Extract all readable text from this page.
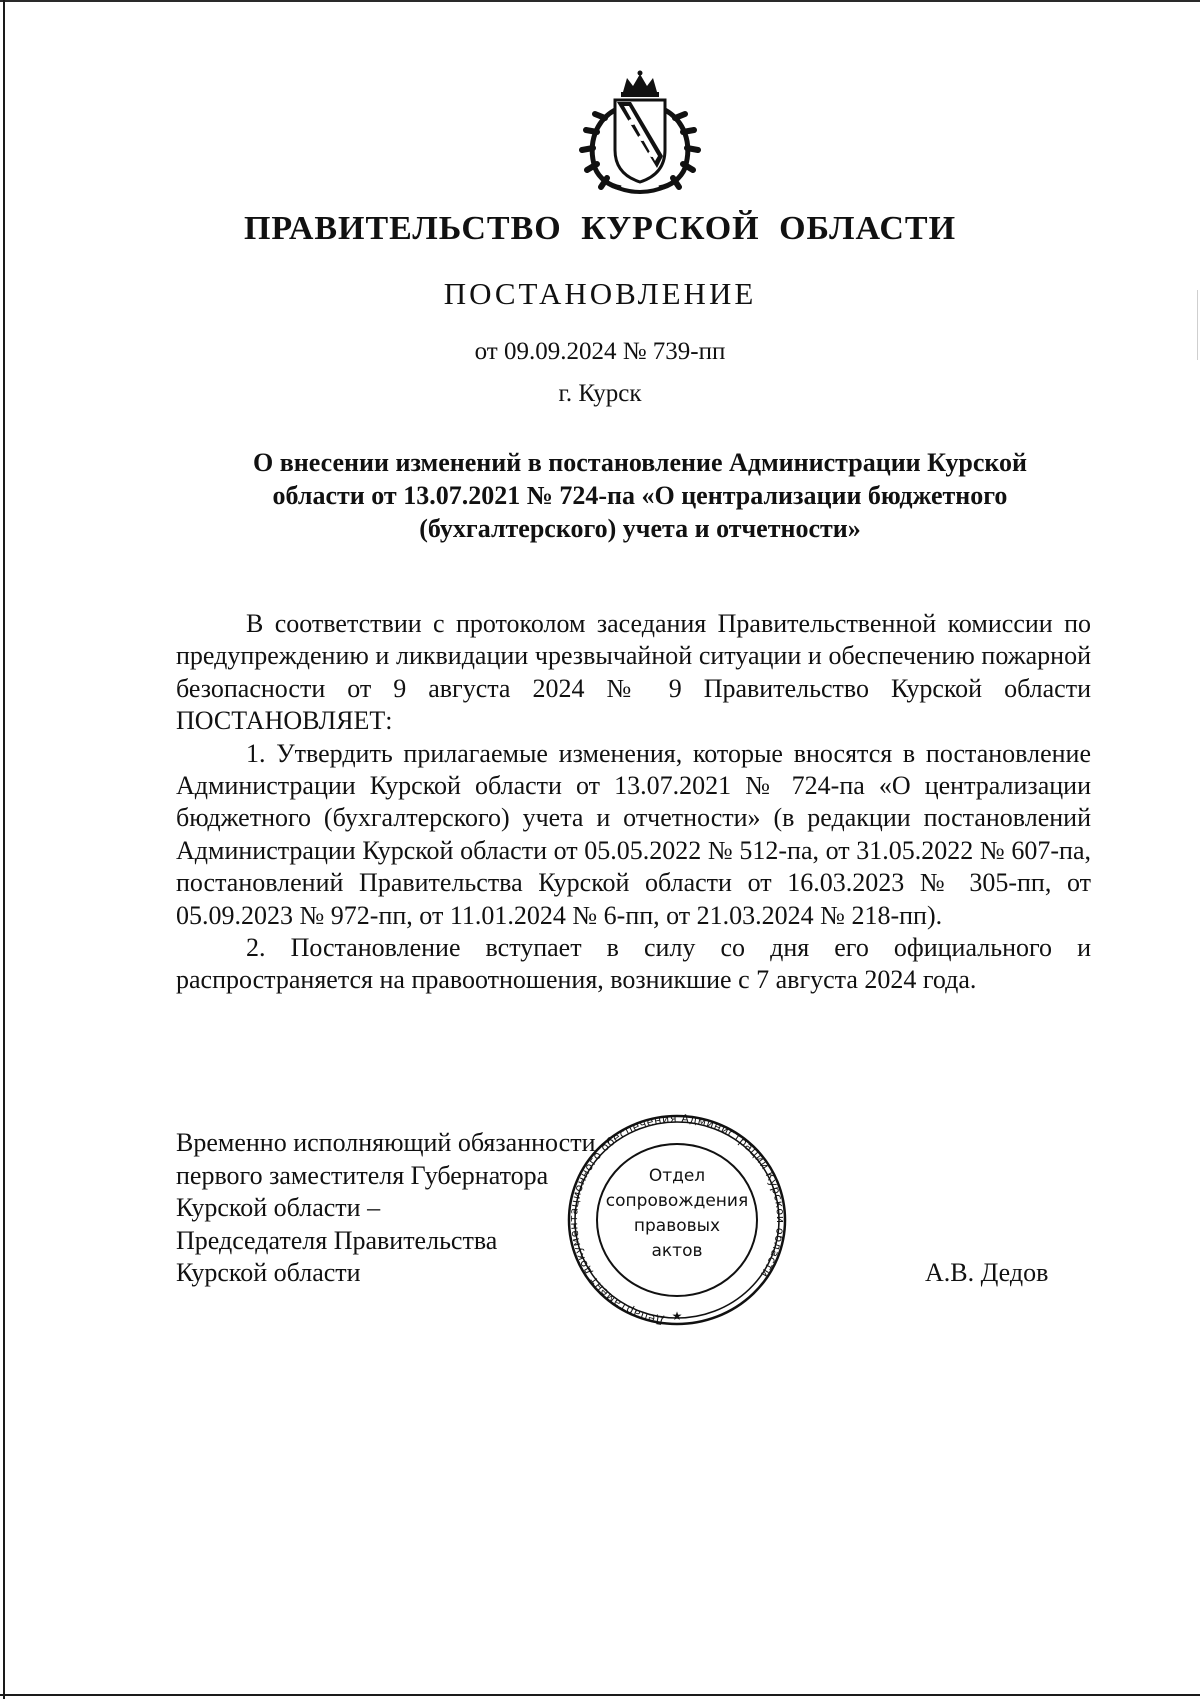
ПРАВИТЕЛЬСТВО КУРСКОЙ ОБЛАСТИ

ПОСТАНОВЛЕНИЕ

от 09.09.2024 № 739-пп

г. Курск

О внесении изменений в постановление Администрации Курской
области от 13.07.2021 № 724-па «О централизации бюджетного
(бухгалтерского) учета и отчетности»

В соответствии с протоколом заседания Правительственной комиссии по предупреждению и ликвидации чрезвычайной ситуации и обеспечению пожарной безопасности от 9 августа 2024 № 9 Правительство Курской области ПОСТАНОВЛЯЕТ:

1. Утвердить прилагаемые изменения, которые вносятся в постановление Администрации Курской области от 13.07.2021 № 724-па «О централизации бюджетного (бухгалтерского) учета и отчетности» (в редакции постановлений Администрации Курской области от 05.05.2022 № 512-па, от 31.05.2022 № 607-па, постановлений Правительства Курской области от 16.03.2023 № 305-пп, от 05.09.2023 № 972-пп, от 11.01.2024 № 6-пп, от 21.03.2024 № 218-пп).

2. Постановление вступает в силу со дня его официального и распространяется на правоотношения, возникшие с 7 августа 2024 года.

Временно исполняющий обязанности
первого заместителя Губернатора
Курской области –
Председателя Правительства
Курской области
Департамент документационного обеспечения Администрации Курской области
★

Отдел

сопровождения

правовых

актов

А.В. Дедов
